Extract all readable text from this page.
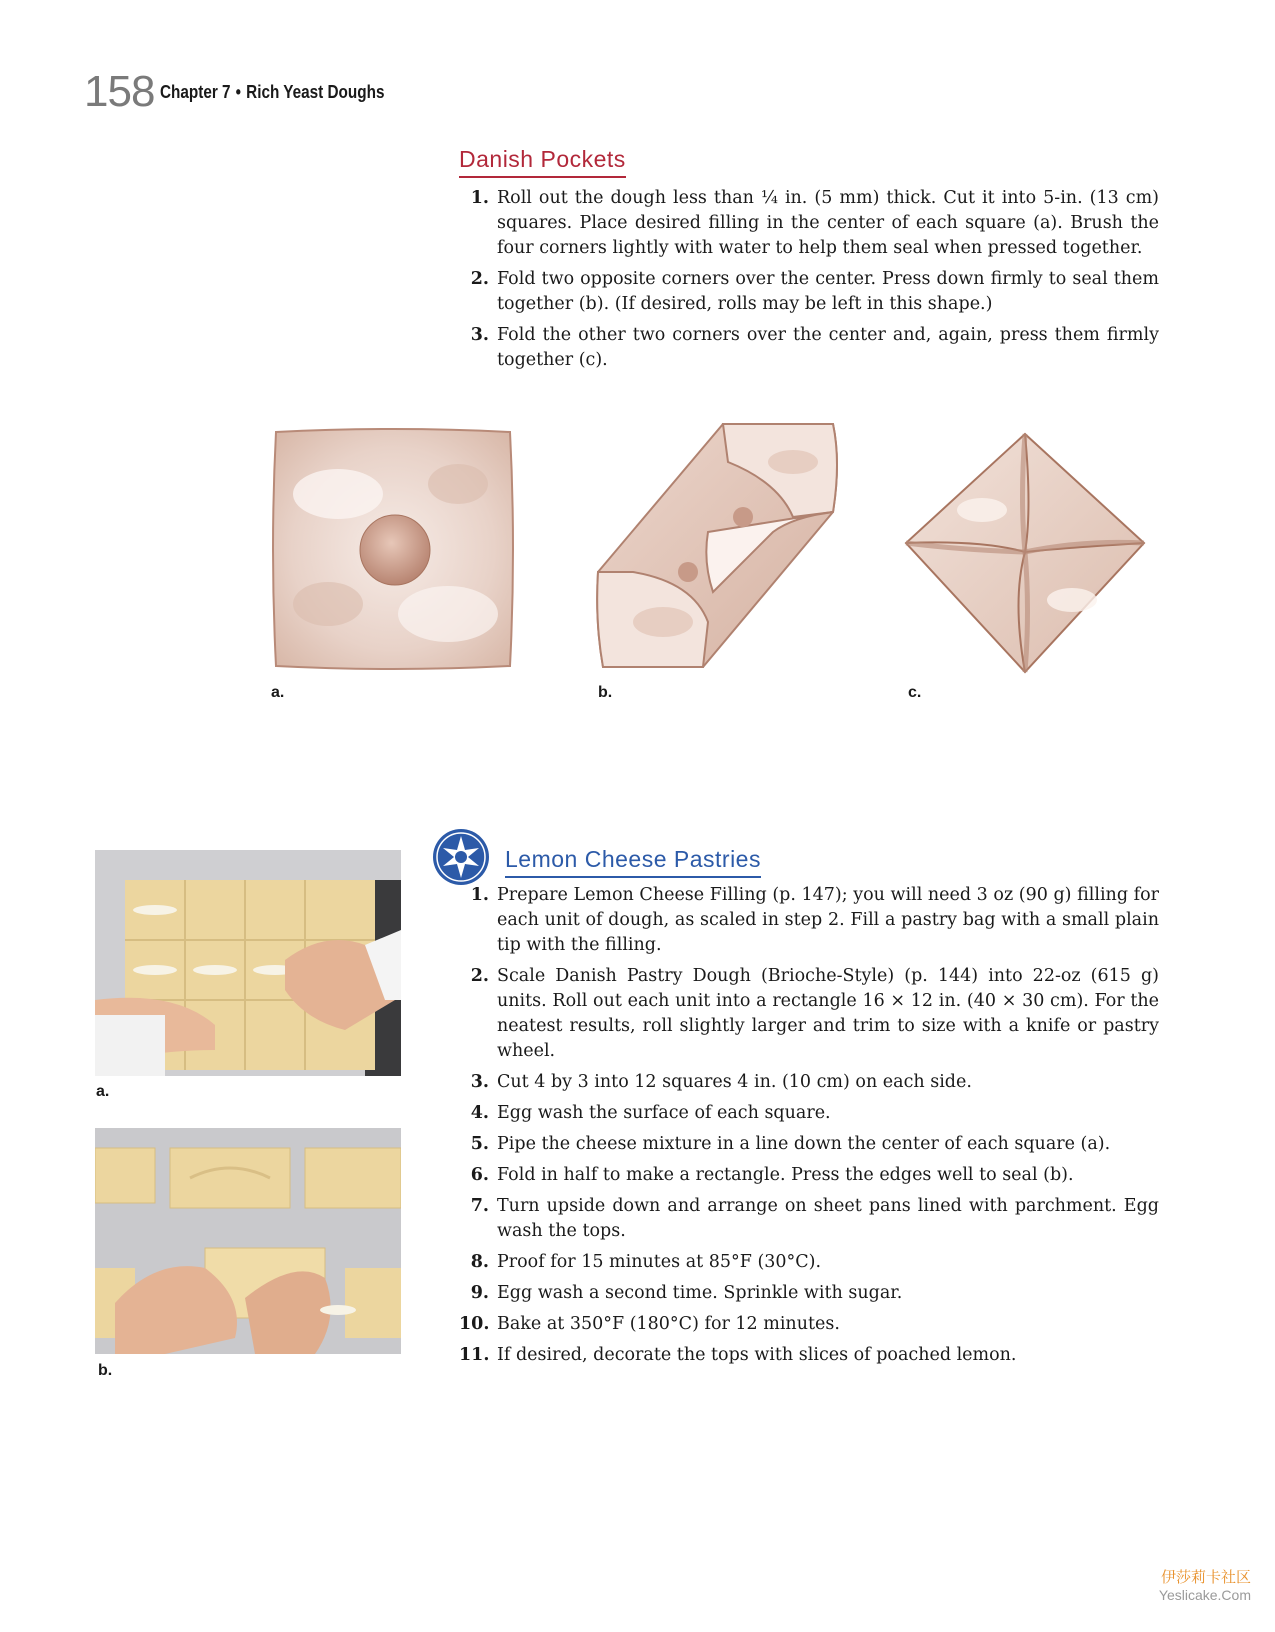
158 Chapter 7 • Rich Yeast Doughs
Danish Pockets
1. Roll out the dough less than ¼ in. (5 mm) thick. Cut it into 5-in. (13 cm) squares. Place desired filling in the center of each square (a). Brush the four corners lightly with water to help them seal when pressed together.
2. Fold two opposite corners over the center. Press down firmly to seal them together (b). (If desired, rolls may be left in this shape.)
3. Fold the other two corners over the center and, again, press them firmly together (c).
a.	b.	c.
Lemon Cheese Pastries
1. Prepare Lemon Cheese Filling (p. 147); you will need 3 oz (90 g) filling for each unit of dough, as scaled in step 2. Fill a pastry bag with a small plain tip with the filling.
2. Scale Danish Pastry Dough (Brioche-Style) (p. 144) into 22-oz (615 g) units. Roll out each unit into a rectangle 16 × 12 in. (40 × 30 cm). For the neatest results, roll slightly larger and trim to size with a knife or pastry wheel.
3. Cut 4 by 3 into 12 squares 4 in. (10 cm) on each side.
4. Egg wash the surface of each square.
5. Pipe the cheese mixture in a line down the center of each square (a).
6. Fold in half to make a rectangle. Press the edges well to seal (b).
7. Turn upside down and arrange on sheet pans lined with parchment. Egg wash the tops.
8. Proof for 15 minutes at 85°F (30°C).
9. Egg wash a second time. Sprinkle with sugar.
10. Bake at 350°F (180°C) for 12 minutes.
11. If desired, decorate the tops with slices of poached lemon.
a.
b.
伊莎莉卡社区
Yeslicake.Com
